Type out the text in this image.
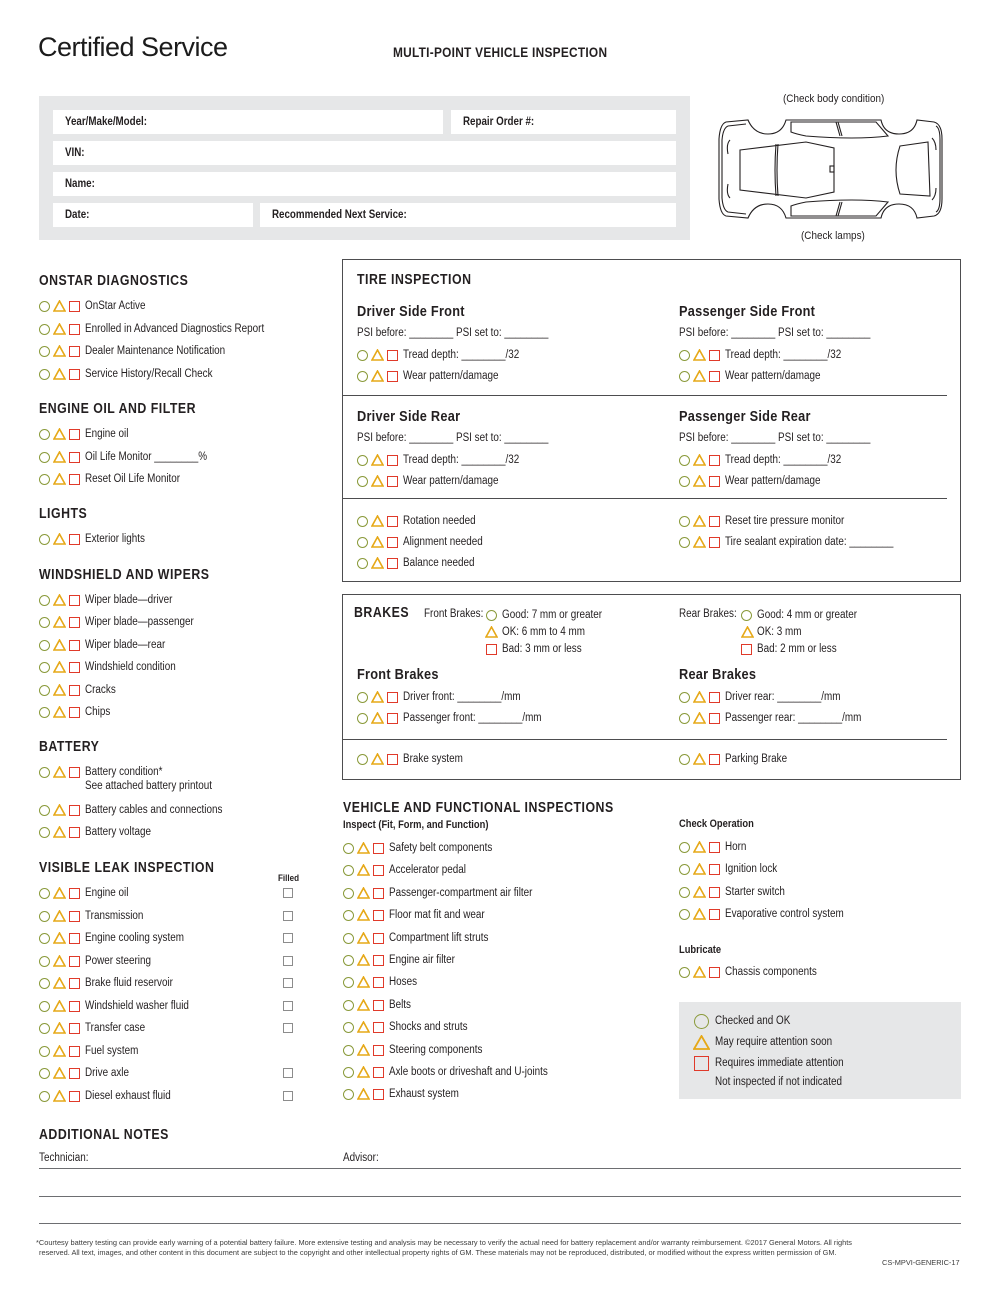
Certified Service	MULTI-POINT VEHICLE INSPECTION
Year/Make/Model:	Repair Order #:
VIN:
Name:
Date:	Recommended Next Service:
(Check body condition)
(Check lamps)
ONSTAR DIAGNOSTICS
ENGINE OIL AND FILTER
LIGHTS
WINDSHIELD AND WIPERS
BATTERY
Battery condition*
See attached battery printout
Battery cables and connections
Battery voltage
VISIBLE LEAK INSPECTION
Filled
TIRE INSPECTION
BRAKES Front Brakes: Good: 7 mm or greater
OK: 6 mm to 4 mm
Bad: 3 mm or less
Rear Brakes: Good: 4 mm or greater
OK: 3 mm
Bad: 2 mm or less
Front Brakes	Rear Brakes
VEHICLE AND FUNCTIONAL INSPECTIONS
Inspect (Fit, Form, and Function)	Check Operation
Lubricate
Checked and OK
May require attention soon
Requires immediate attention
Not inspected if not indicated
ADDITIONAL NOTES
Technician:	Advisor:
*Courtesy battery testing can provide early warning of a potential battery failure. More extensive testing and analysis may be necessary to verify the actual need for battery replacement and/or warranty reimbursement. ©2017 General Motors. All rights
reserved. All text, images, and other content in this document are subject to the copyright and other intellectual property rights of GM. These materials may not be reproduced, distributed, or modified without the express written permission of GM.
CS-MPVI-GENERIC-17
OnStar Active
Enrolled in Advanced Diagnostics Report
Dealer Maintenance Notification
Service History/Recall Check
Engine oil
Oil Life Monitor ________%
Reset Oil Life Monitor
Exterior lights
Wiper blade—driver
Wiper blade—passenger
Wiper blade—rear
Windshield condition
Cracks
Chips
Rotation needed
Alignment needed
Balance needed
Reset tire pressure monitor
Tire sealant expiration date: ________
Driver front: ________/mm
Passenger front: ________/mm
Driver rear: ________/mm
Passenger rear: ________/mm
Safety belt components
Accelerator pedal
Passenger-compartment air filter
Floor mat fit and wear
Compartment lift struts
Engine air filter
Hoses
Belts
Shocks and struts
Steering components
Axle boots or driveshaft and U-joints
Exhaust system
Horn
Ignition lock
Starter switch
Evaporative control system
Chassis components
Brake system	Parking Brake
Engine oil
Transmission
Engine cooling system
Power steering
Brake fluid reservoir
Windshield washer fluid
Transfer case
Fuel system
Drive axle
Diesel exhaust fluid
Driver Side Front
PSI before: ________ PSI set to: ________
Tread depth: ________/32
Wear pattern/damage
Passenger Side Front
PSI before: ________ PSI set to: ________
Tread depth: ________/32
Wear pattern/damage
Driver Side Rear
PSI before: ________ PSI set to: ________
Tread depth: ________/32
Wear pattern/damage
Passenger Side Rear
PSI before: ________ PSI set to: ________
Tread depth: ________/32
Wear pattern/damage
